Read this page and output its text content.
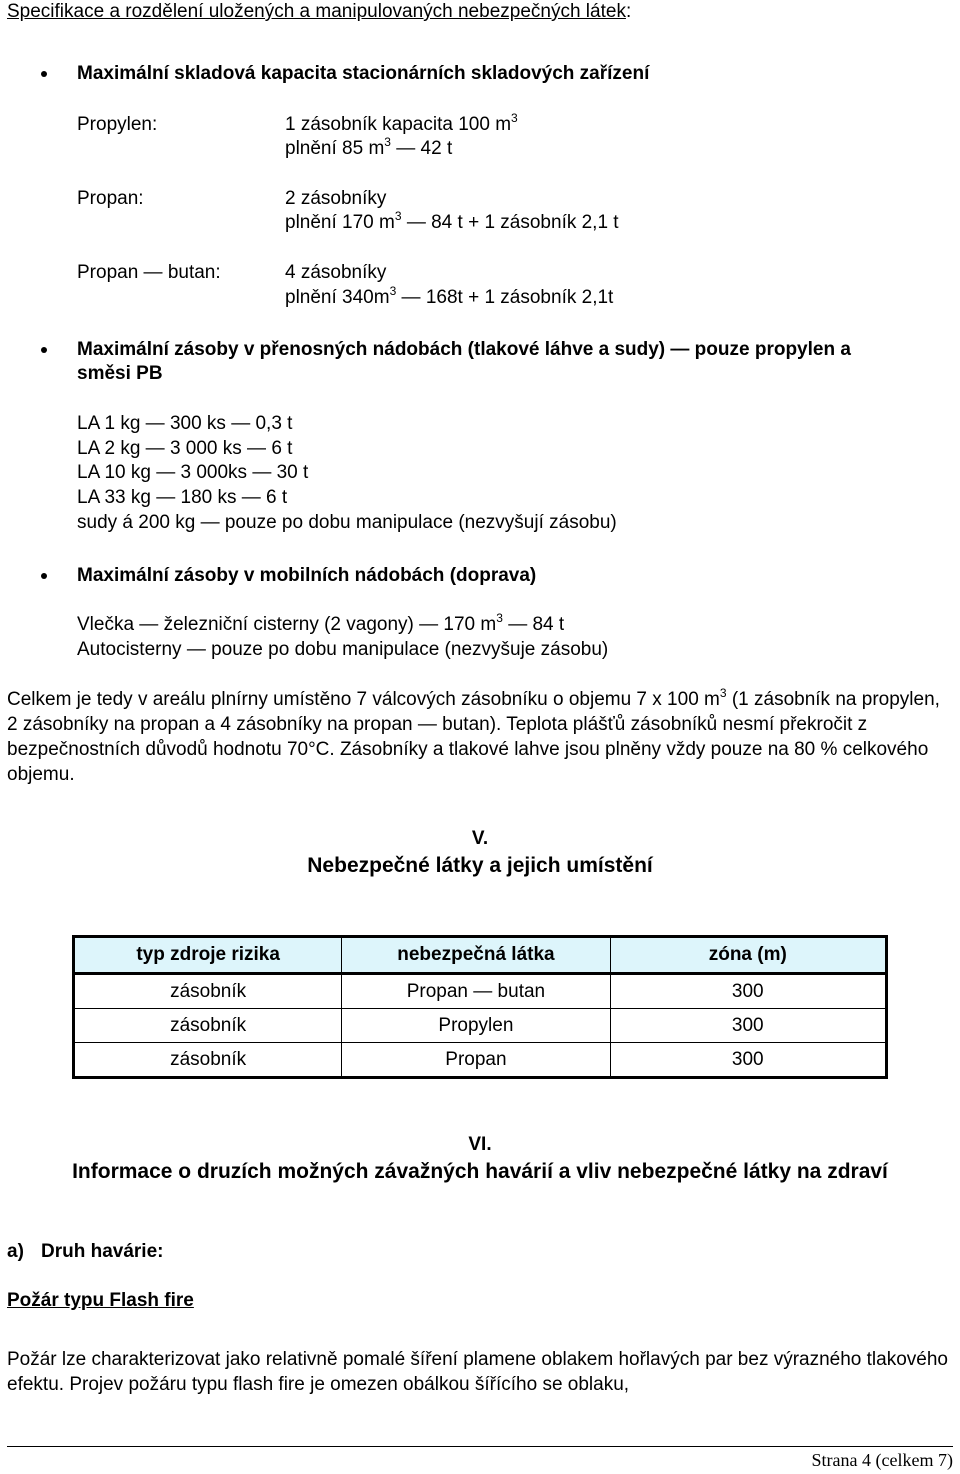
Specifikace a rozdělení uložených a manipulovaných nebezpečných látek:
Maximální skladová kapacita stacionárních skladových zařízení
Propylen:	1 zásobník kapacita 100 $m^3$
plnění 85 $m^3$ — 42 t
Propan:	2 zásobníky
plnění 170 $m^3$ — 84 t + 1 zásobník 2,1 t
Propan — butan:	4 zásobníky
plnění $340m^3$ — 168t + 1 zásobník 2,1t
Maximální zásoby v přenosných nádobách (tlakové láhve a sudy) — pouze propylen a
směsi PB
LA 1 kg — 300 ks — 0,3 t
LA 2 kg — 3 000 ks — 6 t
LA 10 kg — 3 000ks — 30 t
LA 33 kg — 180 ks — 6 t
sudy á 200 kg — pouze po dobu manipulace (nezvyšují zásobu)
Maximální zásoby v mobilních nádobách (doprava)
Vlečka — železniční cisterny (2 vagony) — 170 $m^3$ — 84 t
Autocisterny — pouze po dobu manipulace (nezvyšuje zásobu)
Celkem je tedy v areálu plnírny umístěno 7 válcových zásobníku o objemu 7 x 100 $m^3$ (1 zásobník na propylen, 2 zásobníky na propan a 4 zásobníky na propan — butan). Teplota plášťů zásobníků nesmí překročit z bezpečnostních důvodů hodnotu 70°C. Zásobníky a tlakové lahve jsou plněny vždy pouze na 80 % celkového objemu.
V.
Nebezpečné látky a jejich umístění
typ zdroje rizika	nebezpečná látka	zóna (m)
zásobník	Propan — butan	300
zásobník	Propylen	300
zásobník	Propan	300
VI.
Informace o druzích možných závažných havárií a vliv nebezpečné látky na zdraví
a) Druh havárie:
Požár typu Flash fire
Požár lze charakterizovat jako relativně pomalé šíření plamene oblakem hořlavých par bez výrazného tlakového efektu. Projev požáru typu flash fire je omezen obálkou šířícího se oblaku,
Strana 4 (celkem 7)
